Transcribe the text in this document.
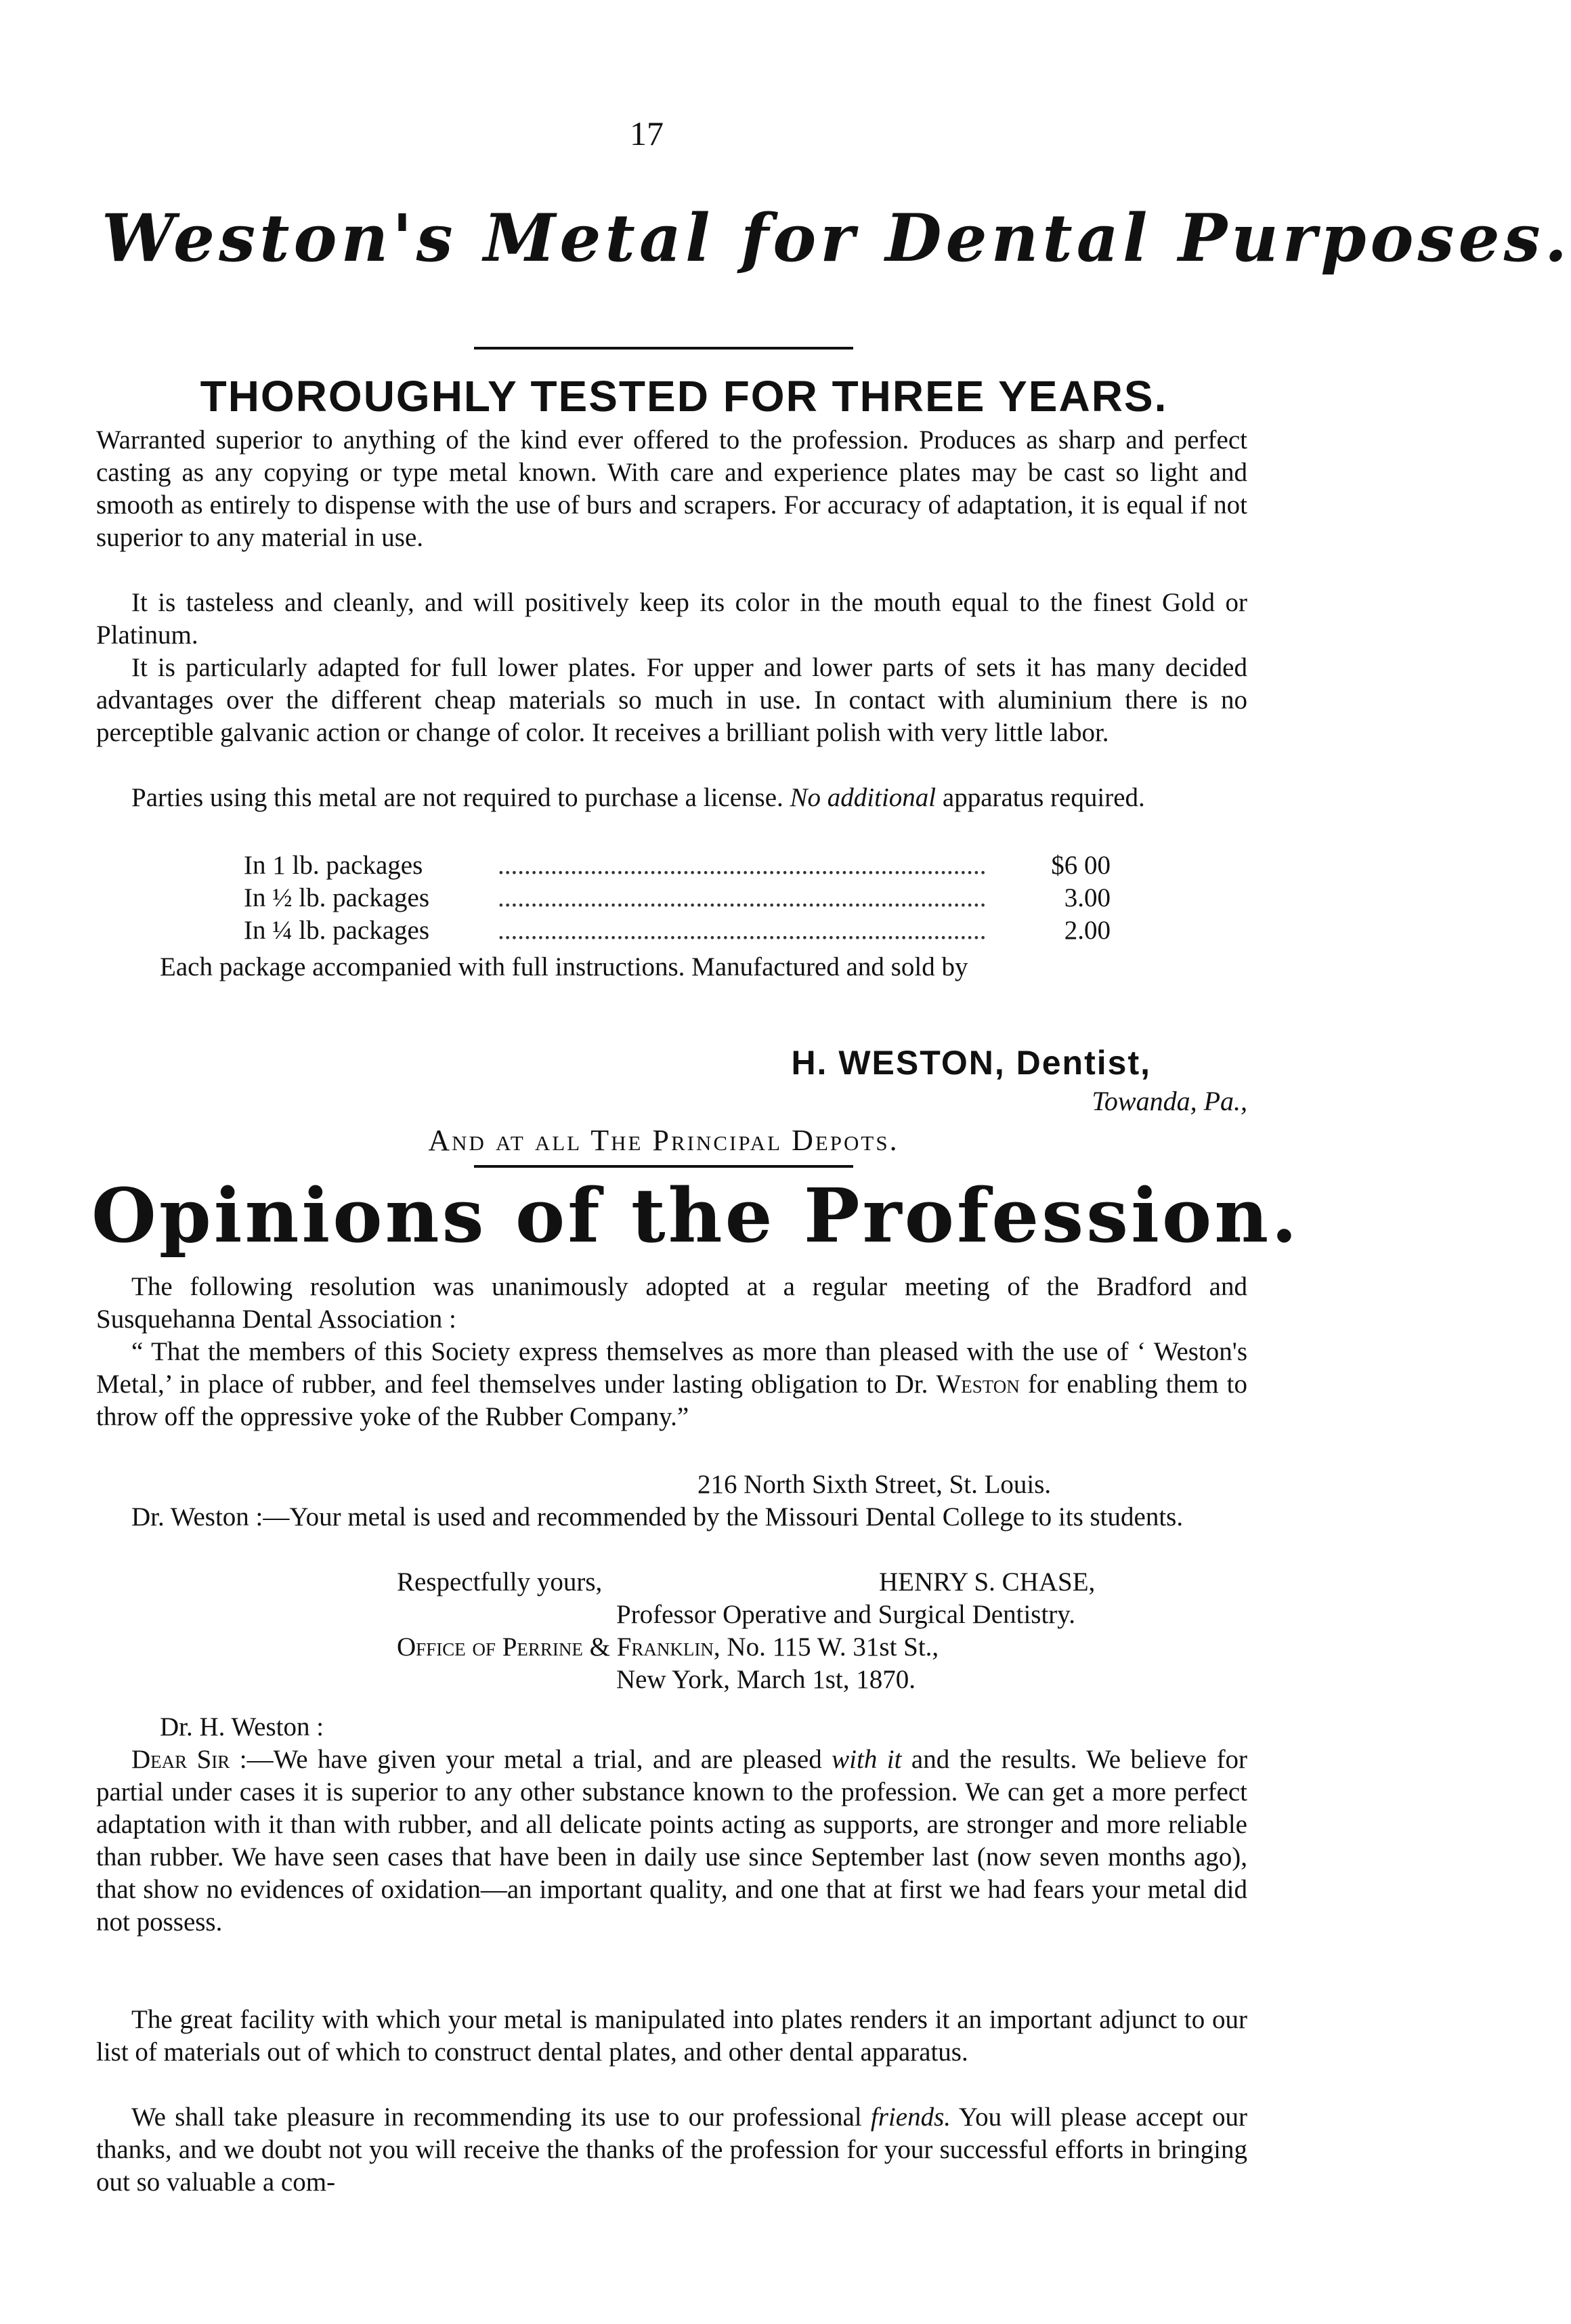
17
Weston's Metal for Dental Purposes.
THOROUGHLY TESTED FOR THREE YEARS.
Warranted superior to anything of the kind ever offered to the profession. Produces as sharp and perfect casting as any copying or type metal known. With care and experience plates may be cast so light and smooth as entirely to dispense with the use of burs and scrapers. For accuracy of adaptation, it is equal if not superior to any material in use.
It is tasteless and cleanly, and will positively keep its color in the mouth equal to the finest Gold or Platinum.
It is particularly adapted for full lower plates. For upper and lower parts of sets it has many decided advantages over the different cheap materials so much in use. In contact with aluminium there is no perceptible galvanic action or change of color. It receives a brilliant polish with very little labor.
Parties using this metal are not required to purchase a license. No additional apparatus required.
In 1 lb. packages	..........................................................................	$6 00
In ½ lb. packages	..........................................................................	3.00
In ¼ lb. packages	..........................................................................	2.00
Each package accompanied with full instructions. Manufactured and sold by
H. WESTON, Dentist,
Towanda, Pa.,
And at all The Principal Depots.
Opinions of the Profession.
The following resolution was unanimously adopted at a regular meeting of the Bradford and Susquehanna Dental Association :
“ That the members of this Society express themselves as more than pleased with the use of ‘ Weston's Metal,’ in place of rubber, and feel themselves under lasting obligation to Dr. Weston for enabling them to throw off the oppressive yoke of the Rubber Company.”
216 North Sixth Street, St. Louis.
Dr. Weston :—Your metal is used and recommended by the Missouri Dental College to its students.
Respectfully yours,	HENRY S. CHASE,
Professor Operative and Surgical Dentistry.
Office of Perrine & Franklin, No. 115 W. 31st St.,
New York, March 1st, 1870.
Dr. H. Weston :
Dear Sir :—We have given your metal a trial, and are pleased with it and the results. We believe for partial under cases it is superior to any other substance known to the profession. We can get a more perfect adaptation with it than with rubber, and all delicate points acting as supports, are stronger and more reliable than rubber. We have seen cases that have been in daily use since September last (now seven months ago), that show no evidences of oxidation—an important quality, and one that at first we had fears your metal did not possess.
The great facility with which your metal is manipulated into plates renders it an important adjunct to our list of materials out of which to construct dental plates, and other dental apparatus.
We shall take pleasure in recommending its use to our professional friends. You will please accept our thanks, and we doubt not you will receive the thanks of the profession for your successful efforts in bringing out so valuable a com-
